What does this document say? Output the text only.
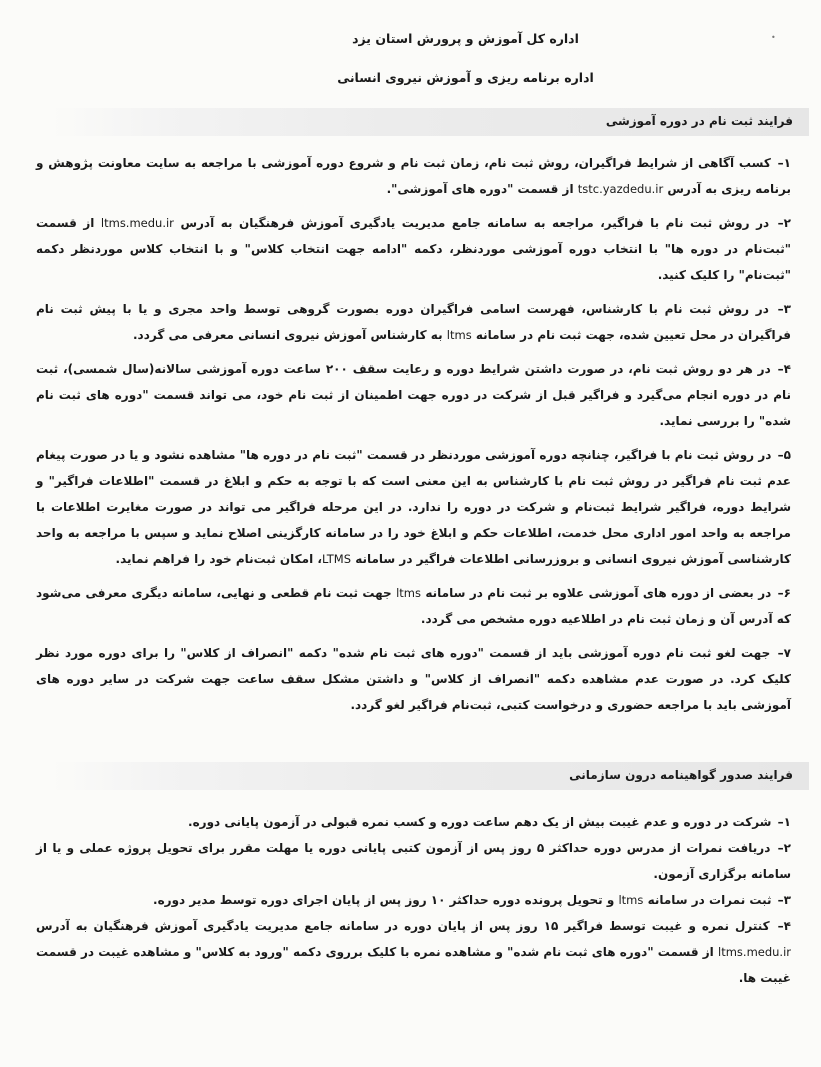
•
اداره کل آموزش و پرورش استان یزد
اداره برنامه ریزی و آموزش نیروی انسانی
فرایند ثبت نام در دوره آموزشی

۱– کسب آگاهی از شرایط فراگیران، روش ثبت نام، زمان ثبت نام و شروع دوره آموزشی با مراجعه به سایت معاونت پژوهش و برنامه ریزی به آدرس tstc.yazdedu.ir از قسمت "دوره های آموزشی".

۲– در روش ثبت نام با فراگیر، مراجعه به سامانه جامع مدیریت یادگیری آموزش فرهنگیان به آدرس ltms.medu.ir از قسمت "ثبت‌نام در دوره ها" با انتخاب دوره آموزشی موردنظر، دکمه "ادامه جهت انتخاب کلاس" و با انتخاب کلاس موردنظر دکمه "ثبت‌نام" را کلیک کنید.

۳– در روش ثبت نام با کارشناس، فهرست اسامی فراگیران دوره بصورت گروهی توسط واحد مجری و یا با پیش ثبت نام فراگیران در محل تعیین شده، جهت ثبت نام در سامانه ltms به کارشناس آموزش نیروی انسانی معرفی می گردد.

۴– در هر دو روش ثبت نام، در صورت داشتن شرایط دوره و رعایت سقف ۲۰۰ ساعت دوره آموزشی سالانه(سال شمسی)، ثبت نام در دوره انجام می‌گیرد و فراگیر قبل از شرکت در دوره جهت اطمینان از ثبت نام خود، می تواند قسمت "دوره های ثبت نام شده" را بررسی نماید.

۵– در روش ثبت نام با فراگیر، چنانچه دوره آموزشی موردنظر در قسمت "ثبت نام در دوره ها" مشاهده نشود و یا در صورت پیغام عدم ثبت نام فراگیر در روش ثبت نام با کارشناس به این معنی است که با توجه به حکم و ابلاغ در قسمت "اطلاعات فراگیر" و شرایط دوره، فراگیر شرایط ثبت‌نام و شرکت در دوره را ندارد. در این مرحله فراگیر می تواند در صورت مغایرت اطلاعات با مراجعه به واحد امور اداری محل خدمت، اطلاعات حکم و ابلاغ خود را در سامانه کارگزینی اصلاح نماید و سپس با مراجعه به واحد کارشناسی آموزش نیروی انسانی و بروزرسانی اطلاعات فراگیر در سامانه LTMS، امکان ثبت‌نام خود را فراهم نماید.

۶– در بعضی از دوره های آموزشی علاوه بر ثبت نام در سامانه ltms جهت ثبت نام قطعی و نهایی، سامانه دیگری معرفی می‌شود که آدرس آن و زمان ثبت نام در اطلاعیه دوره مشخص می گردد.

۷– جهت لغو ثبت نام دوره آموزشی باید از قسمت "دوره های ثبت نام شده" دکمه "انصراف از کلاس" را برای دوره مورد نظر کلیک کرد. در صورت عدم مشاهده دکمه "انصراف از کلاس" و داشتن مشکل سقف ساعت جهت شرکت در سایر دوره های آموزشی باید با مراجعه حضوری و درخواست کتبی، ثبت‌نام فراگیر لغو گردد.

فرایند صدور گواهینامه درون سازمانی

۱– شرکت در دوره و عدم غیبت بیش از یک دهم ساعت دوره و کسب نمره قبولی در آزمون پایانی دوره.

۲– دریافت نمرات از مدرس دوره حداکثر ۵ روز پس از آزمون کتبی پایانی دوره یا مهلت مقرر برای تحویل پروژه عملی و یا از سامانه برگزاری آزمون.

۳– ثبت نمرات در سامانه ltms و تحویل پرونده دوره حداکثر ۱۰ روز پس از پایان اجرای دوره توسط مدیر دوره.

۴– کنترل نمره و غیبت توسط فراگیر ۱۵ روز پس از پایان دوره در سامانه جامع مدیریت یادگیری آموزش فرهنگیان به آدرس ltms.medu.ir از قسمت "دوره های ثبت نام شده" و مشاهده نمره با کلیک برروی دکمه "ورود به کلاس" و مشاهده غیبت در قسمت غیبت ها.
